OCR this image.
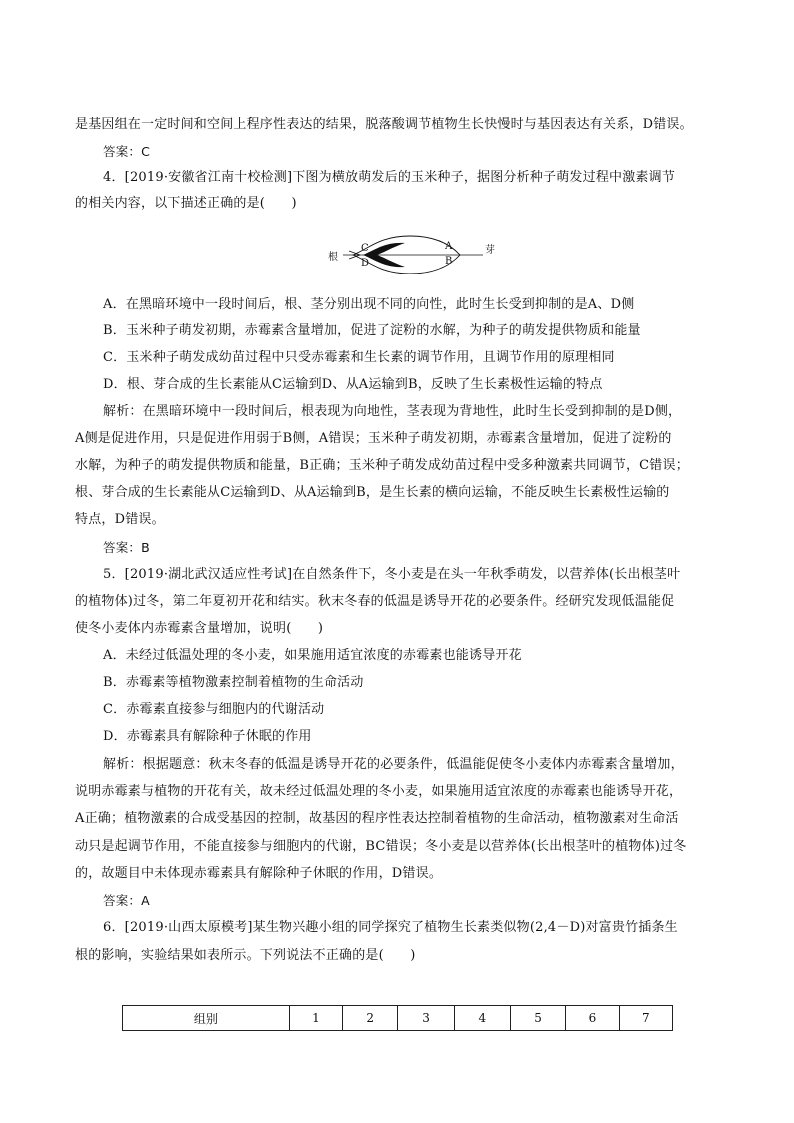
是基因组在一定时间和空间上程序性表达的结果，脱落酸调节植物生长快慢时与基因表达有关系，D错误。
答案：C
4．[2019·安徽省江南十校检测]下图为横放萌发后的玉米种子，据图分析种子萌发过程中激素调节
的相关内容，以下描述正确的是(　　)
根
C
D
A
B
芽
A．在黑暗环境中一段时间后，根、茎分别出现不同的向性，此时生长受到抑制的是A、D侧
B．玉米种子萌发初期，赤霉素含量增加，促进了淀粉的水解，为种子的萌发提供物质和能量
C．玉米种子萌发成幼苗过程中只受赤霉素和生长素的调节作用，且调节作用的原理相同
D．根、芽合成的生长素能从C运输到D、从A运输到B，反映了生长素极性运输的特点
解析：在黑暗环境中一段时间后，根表现为向地性，茎表现为背地性，此时生长受到抑制的是D侧，
A侧是促进作用，只是促进作用弱于B侧，A错误；玉米种子萌发初期，赤霉素含量增加，促进了淀粉的
水解，为种子的萌发提供物质和能量，B正确；玉米种子萌发成幼苗过程中受多种激素共同调节，C错误；
根、芽合成的生长素能从C运输到D、从A运输到B，是生长素的横向运输，不能反映生长素极性运输的
特点，D错误。
答案：B
5．[2019·湖北武汉适应性考试]在自然条件下，冬小麦是在头一年秋季萌发，以营养体(长出根茎叶
的植物体)过冬，第二年夏初开花和结实。秋末冬春的低温是诱导开花的必要条件。经研究发现低温能促
使冬小麦体内赤霉素含量增加，说明(　　)
A．未经过低温处理的冬小麦，如果施用适宜浓度的赤霉素也能诱导开花
B．赤霉素等植物激素控制着植物的生命活动
C．赤霉素直接参与细胞内的代谢活动
D．赤霉素具有解除种子休眠的作用
解析：根据题意：秋末冬春的低温是诱导开花的必要条件，低温能促使冬小麦体内赤霉素含量增加，
说明赤霉素与植物的开花有关，故未经过低温处理的冬小麦，如果施用适宜浓度的赤霉素也能诱导开花，
A正确；植物激素的合成受基因的控制，故基因的程序性表达控制着植物的生命活动，植物激素对生命活
动只是起调节作用，不能直接参与细胞内的代谢，BC错误；冬小麦是以营养体(长出根茎叶的植物体)过冬
的，故题目中未体现赤霉素具有解除种子休眠的作用，D错误。
答案：A
6．[2019·山西太原模考]某生物兴趣小组的同学探究了植物生长素类似物(2,4－D)对富贵竹插条生
根的影响，实验结果如表所示。下列说法不正确的是(　　)
组别	1	2	3	4	5	6	7
